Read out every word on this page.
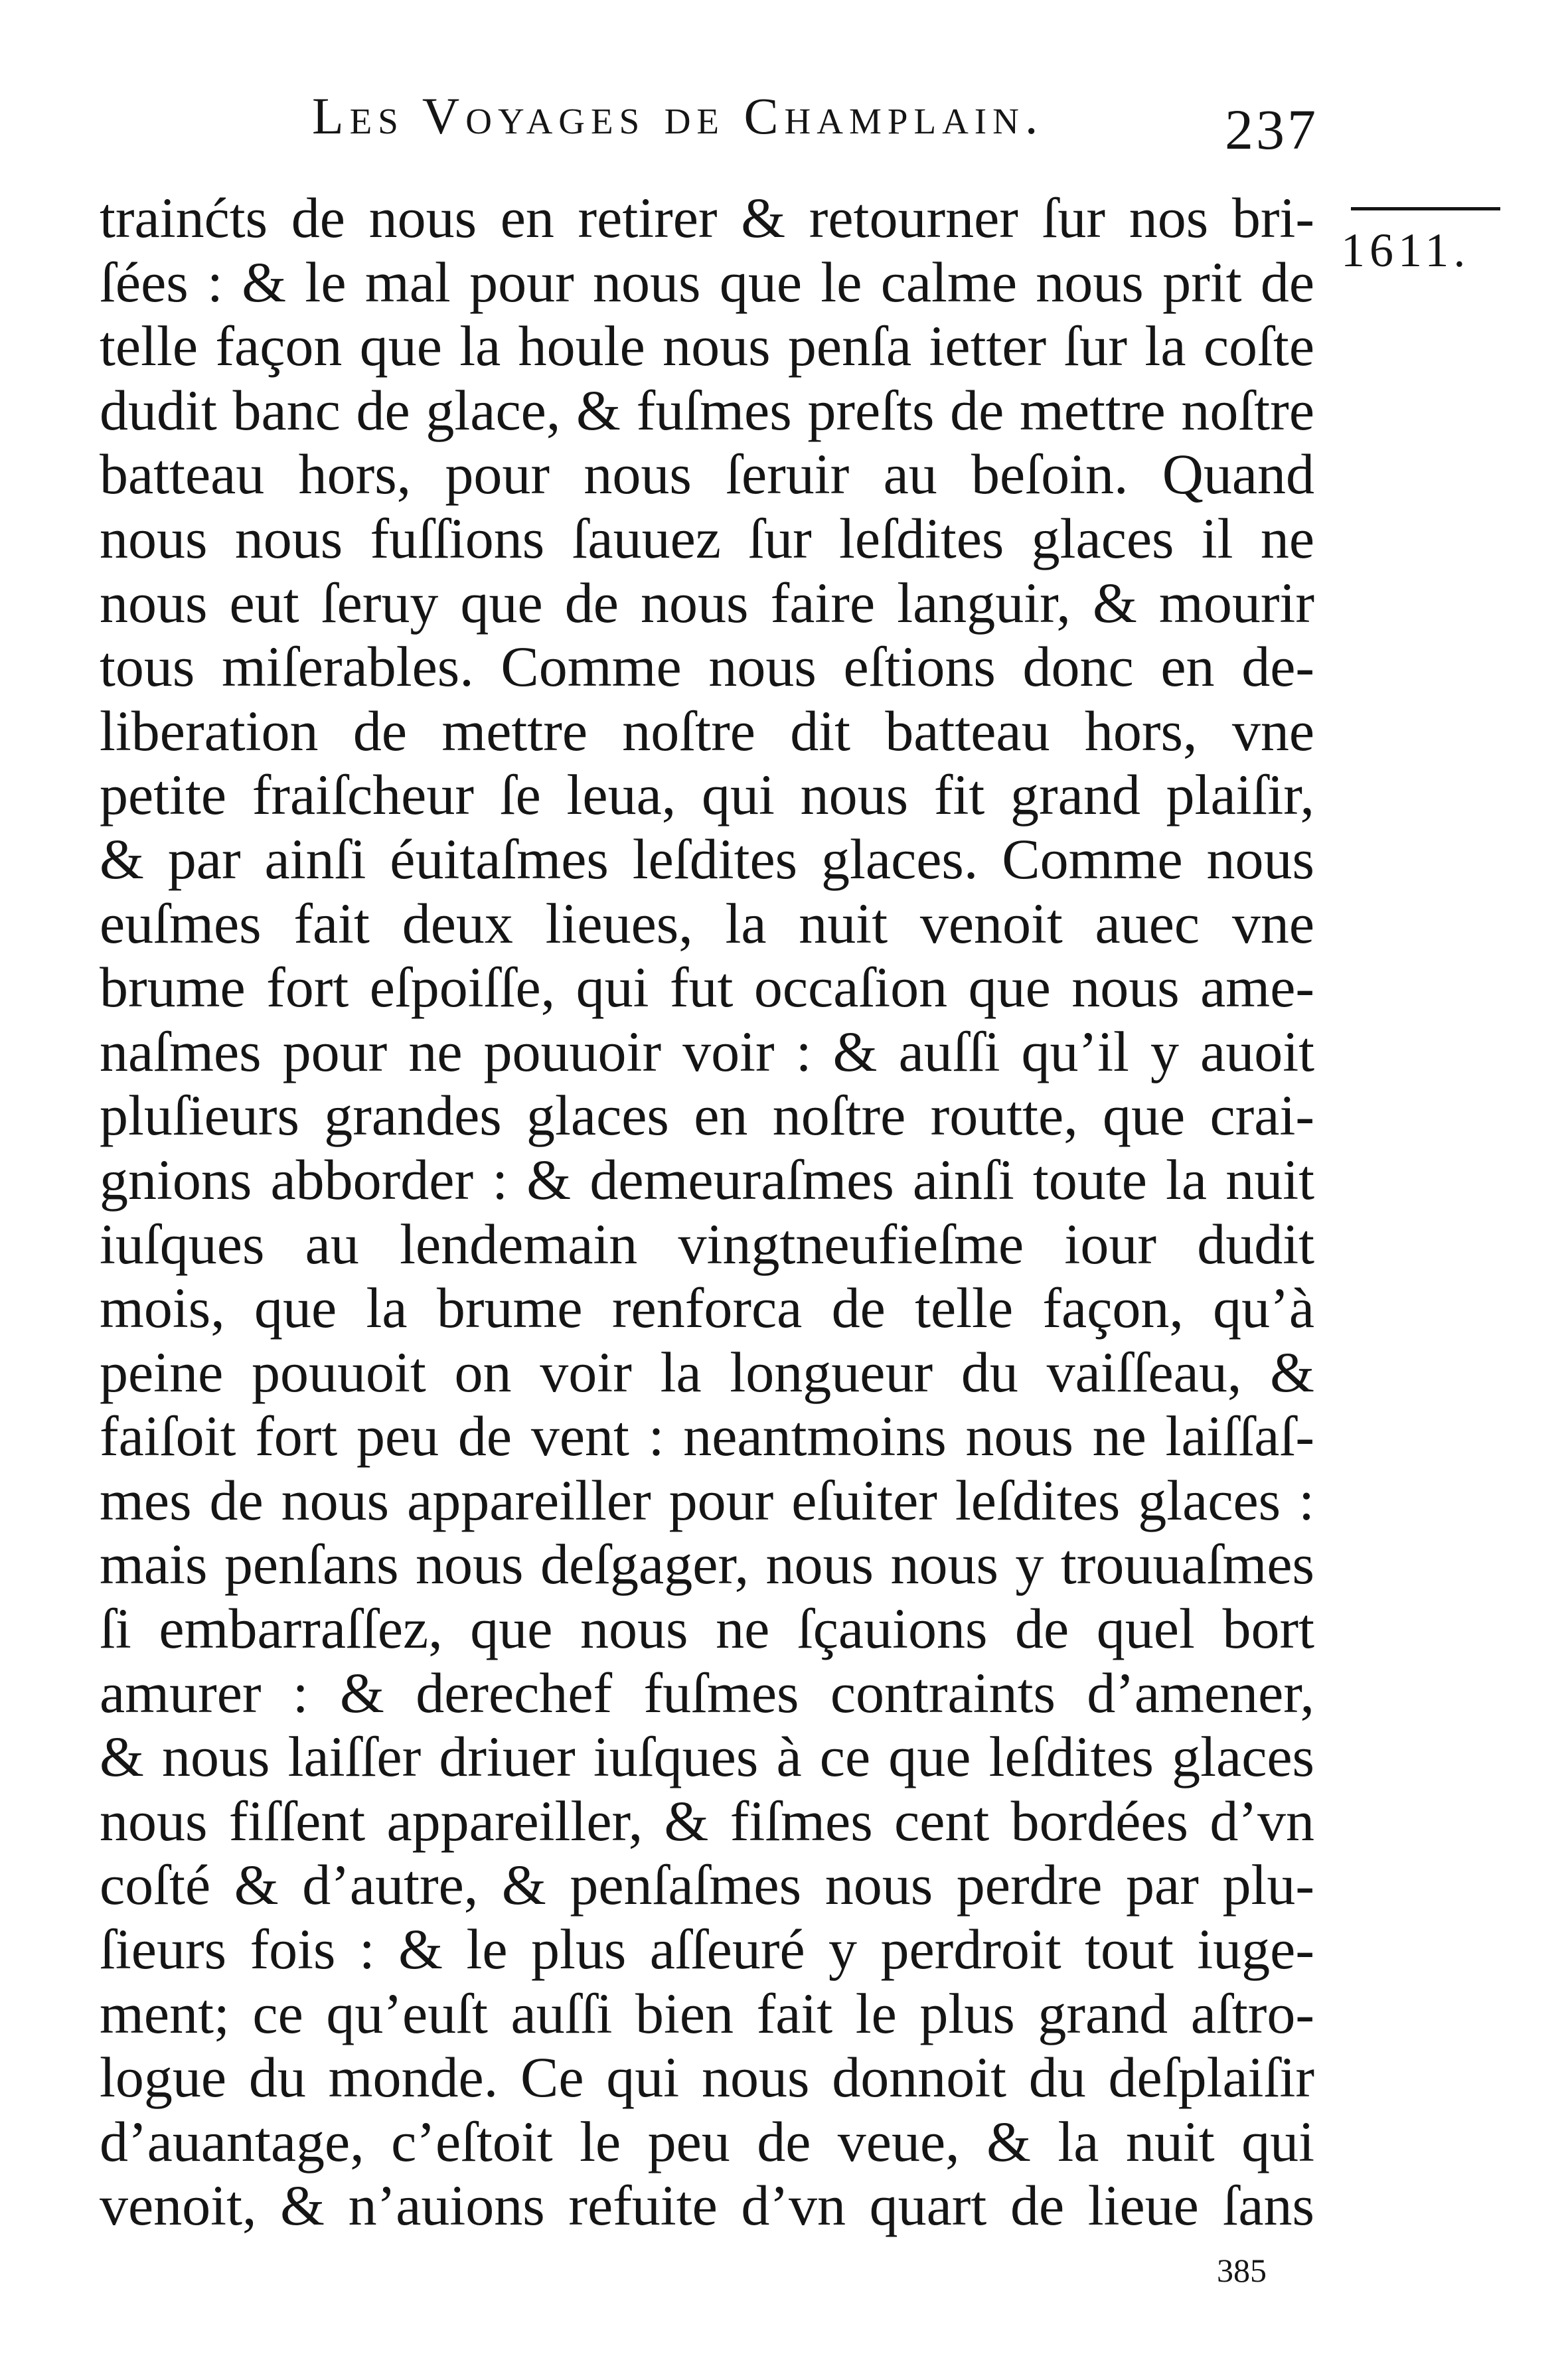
Les Voyages de Champlain.	237
1611.
trainćts de nous en retirer & retourner ſur nos bri-
ſées : & le mal pour nous que le calme nous prit de
telle façon que la houle nous penſa ietter ſur la coſte
dudit banc de glace, & fuſmes preſts de mettre noſtre
batteau hors, pour nous ſeruir au beſoin. Quand
nous nous fuſſions ſauuez ſur leſdites glaces il ne
nous eut ſeruy que de nous faire languir, & mourir
tous miſerables. Comme nous eſtions donc en de-
liberation de mettre noſtre dit batteau hors, vne
petite fraiſcheur ſe leua, qui nous fit grand plaiſir,
& par ainſi éuitaſmes leſdites glaces. Comme nous
euſmes fait deux lieues, la nuit venoit auec vne
brume fort eſpoiſſe, qui fut occaſion que nous ame-
naſmes pour ne pouuoir voir : & auſſi qu’il y auoit
pluſieurs grandes glaces en noſtre routte, que crai-
gnions abborder : & demeuraſmes ainſi toute la nuit
iuſques au lendemain vingtneufieſme iour dudit
mois, que la brume renforca de telle façon, qu’à
peine pouuoit on voir la longueur du vaiſſeau, &
faiſoit fort peu de vent : neantmoins nous ne laiſſaſ-
mes de nous appareiller pour eſuiter leſdites glaces :
mais penſans nous deſgager, nous nous y trouuaſmes
ſi embarraſſez, que nous ne ſçauions de quel bort
amurer : & derechef fuſmes contraints d’amener,
& nous laiſſer driuer iuſques à ce que leſdites glaces
nous fiſſent appareiller, & fiſmes cent bordées d’vn
coſté & d’autre, & penſaſmes nous perdre par plu-
ſieurs fois : & le plus aſſeuré y perdroit tout iuge-
ment; ce qu’euſt auſſi bien fait le plus grand aſtro-
logue du monde. Ce qui nous donnoit du deſplaiſir
d’auantage, c’eſtoit le peu de veue, & la nuit qui
venoit, & n’auions refuite d’vn quart de lieue ſans
385
